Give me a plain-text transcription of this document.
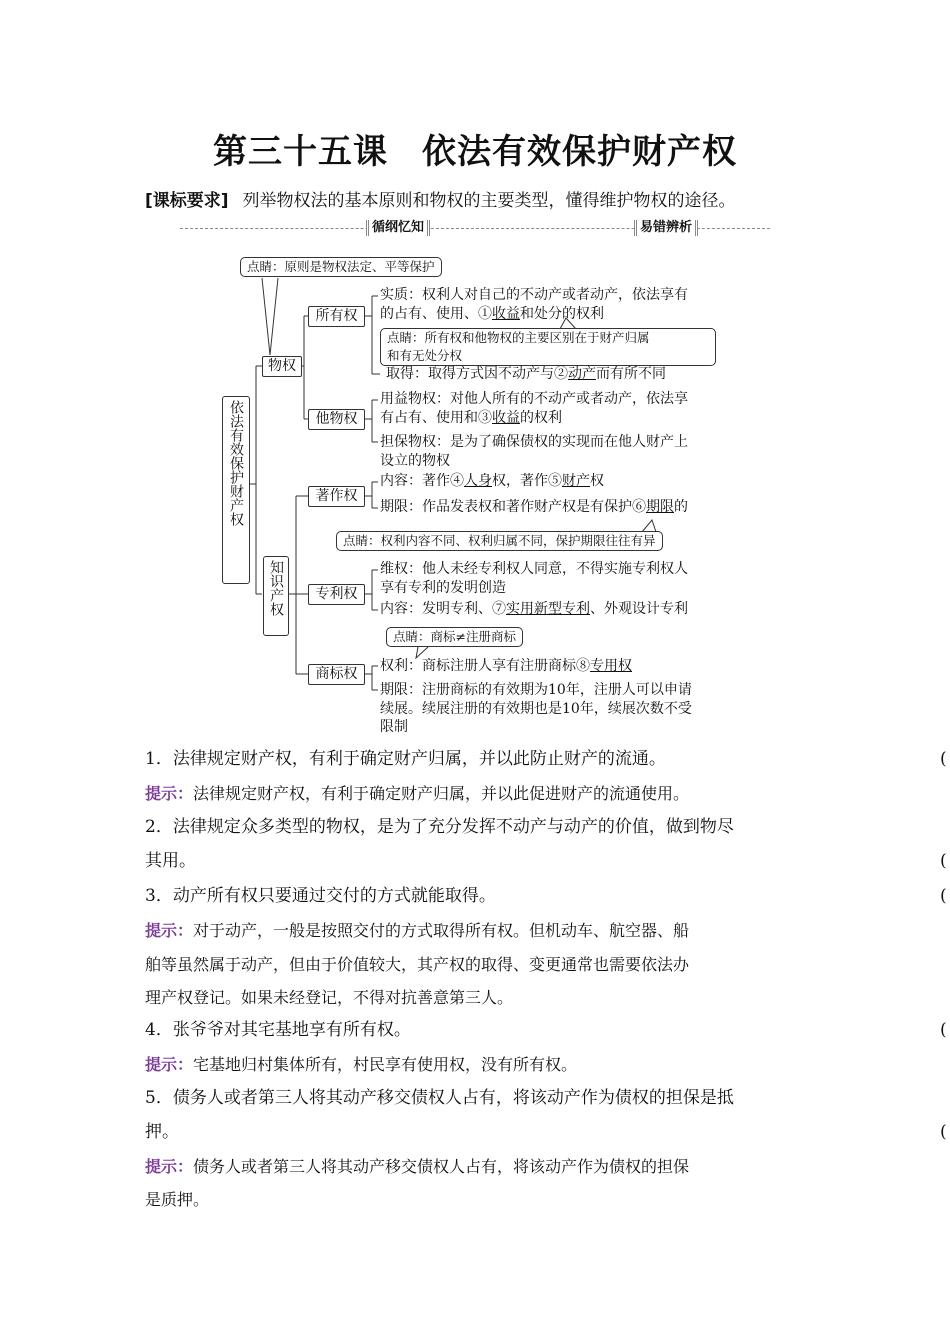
第三十五课 依法有效保护财产权
[课标要求] 列举物权法的基本原则和物权的主要类型，懂得维护物权的途径。
循纲忆知	易错辨析
点睛：原则是物权法定、平等保护
依法有效保护财产权
物权
所有权
实质：权利人对自己的不动产或者动产，依法享有
的占有、使用、①收益和处分的权利
点睛：所有权和他物权的主要区别在于财产归属
和有无处分权
取得：取得方式因不动产与②动产而有所不同
他物权
用益物权：对他人所有的不动产或者动产，依法享
有占有、使用和③收益的权利
担保物权：是为了确保债权的实现而在他人财产上
设立的物权
知识产权
著作权
内容：著作④人身权，著作⑤财产权
期限：作品发表权和著作财产权是有保护⑥期限的
点睛：权利内容不同、权利归属不同，保护期限往往有异
专利权
维权：他人未经专利权人同意，不得实施专利权人
享有专利的发明创造
内容：发明专利、⑦实用新型专利、外观设计专利
点睛：商标≠注册商标
商标权	权利：商标注册人享有注册商标⑧专用权
期限：注册商标的有效期为10年，注册人可以申请
续展。续展注册的有效期也是10年，续展次数不受
限制
1．法律规定财产权，有利于确定财产归属，并以此防止财产的流通。	(
提示：法律规定财产权，有利于确定财产归属，并以此促进财产的流通使用。
2．法律规定众多类型的物权，是为了充分发挥不动产与动产的价值，做到物尽
其用。	(
3．动产所有权只要通过交付的方式就能取得。	(
提示：对于动产，一般是按照交付的方式取得所有权。但机动车、航空器、船
舶等虽然属于动产，但由于价值较大，其产权的取得、变更通常也需要依法办
理产权登记。如果未经登记，不得对抗善意第三人。
4．张爷爷对其宅基地享有所有权。	(
提示：宅基地归村集体所有，村民享有使用权，没有所有权。
5．债务人或者第三人将其动产移交债权人占有，将该动产作为债权的担保是抵
押。	(
提示：债务人或者第三人将其动产移交债权人占有，将该动产作为债权的担保
是质押。
